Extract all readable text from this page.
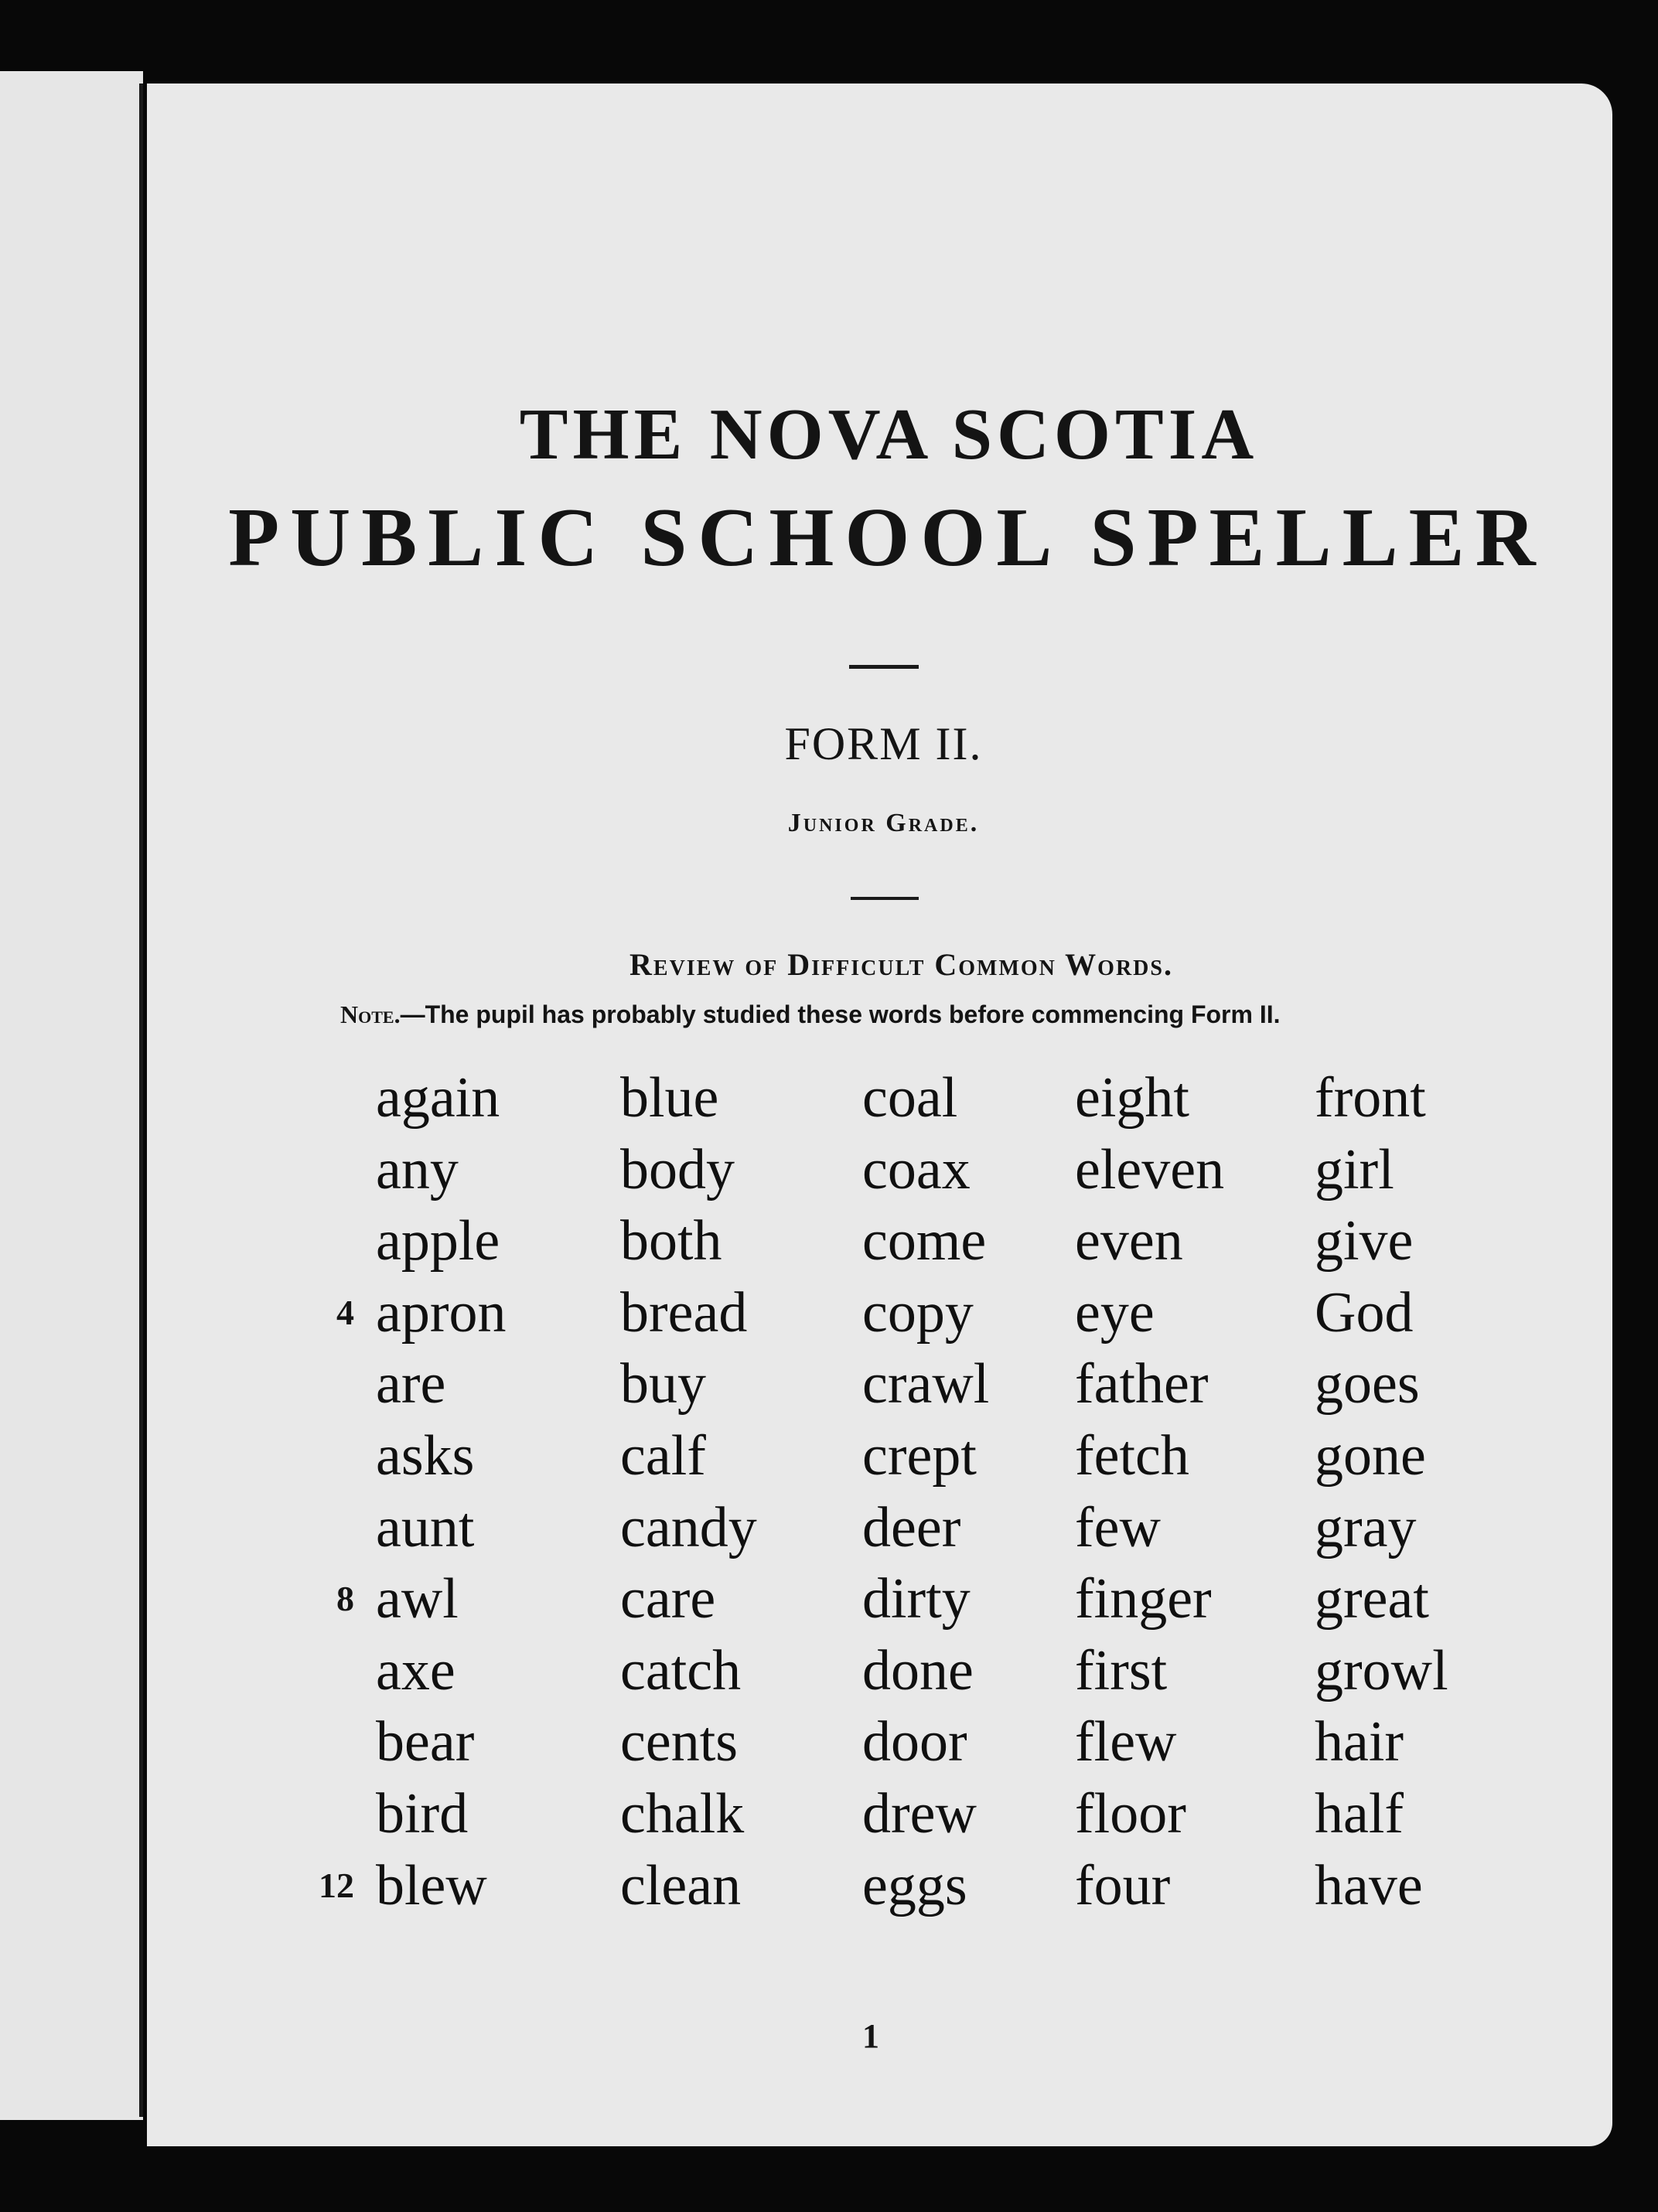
THE NOVA SCOTIA
PUBLIC SCHOOL SPELLER
FORM II.
Junior Grade.
Review of Difficult Common Words.
Note.—The pupil has probably studied these words before commencing Form II.
4
8
12
again
any
apple
apron
are
asks
aunt
awl
axe
bear
bird
blew
blue
body
both
bread
buy
calf
candy
care
catch
cents
chalk
clean
coal
coax
come
copy
crawl
crept
deer
dirty
done
door
drew
eggs
eight
eleven
even
eye
father
fetch
few
finger
first
flew
floor
four
front
girl
give
God
goes
gone
gray
great
growl
hair
half
have
1
